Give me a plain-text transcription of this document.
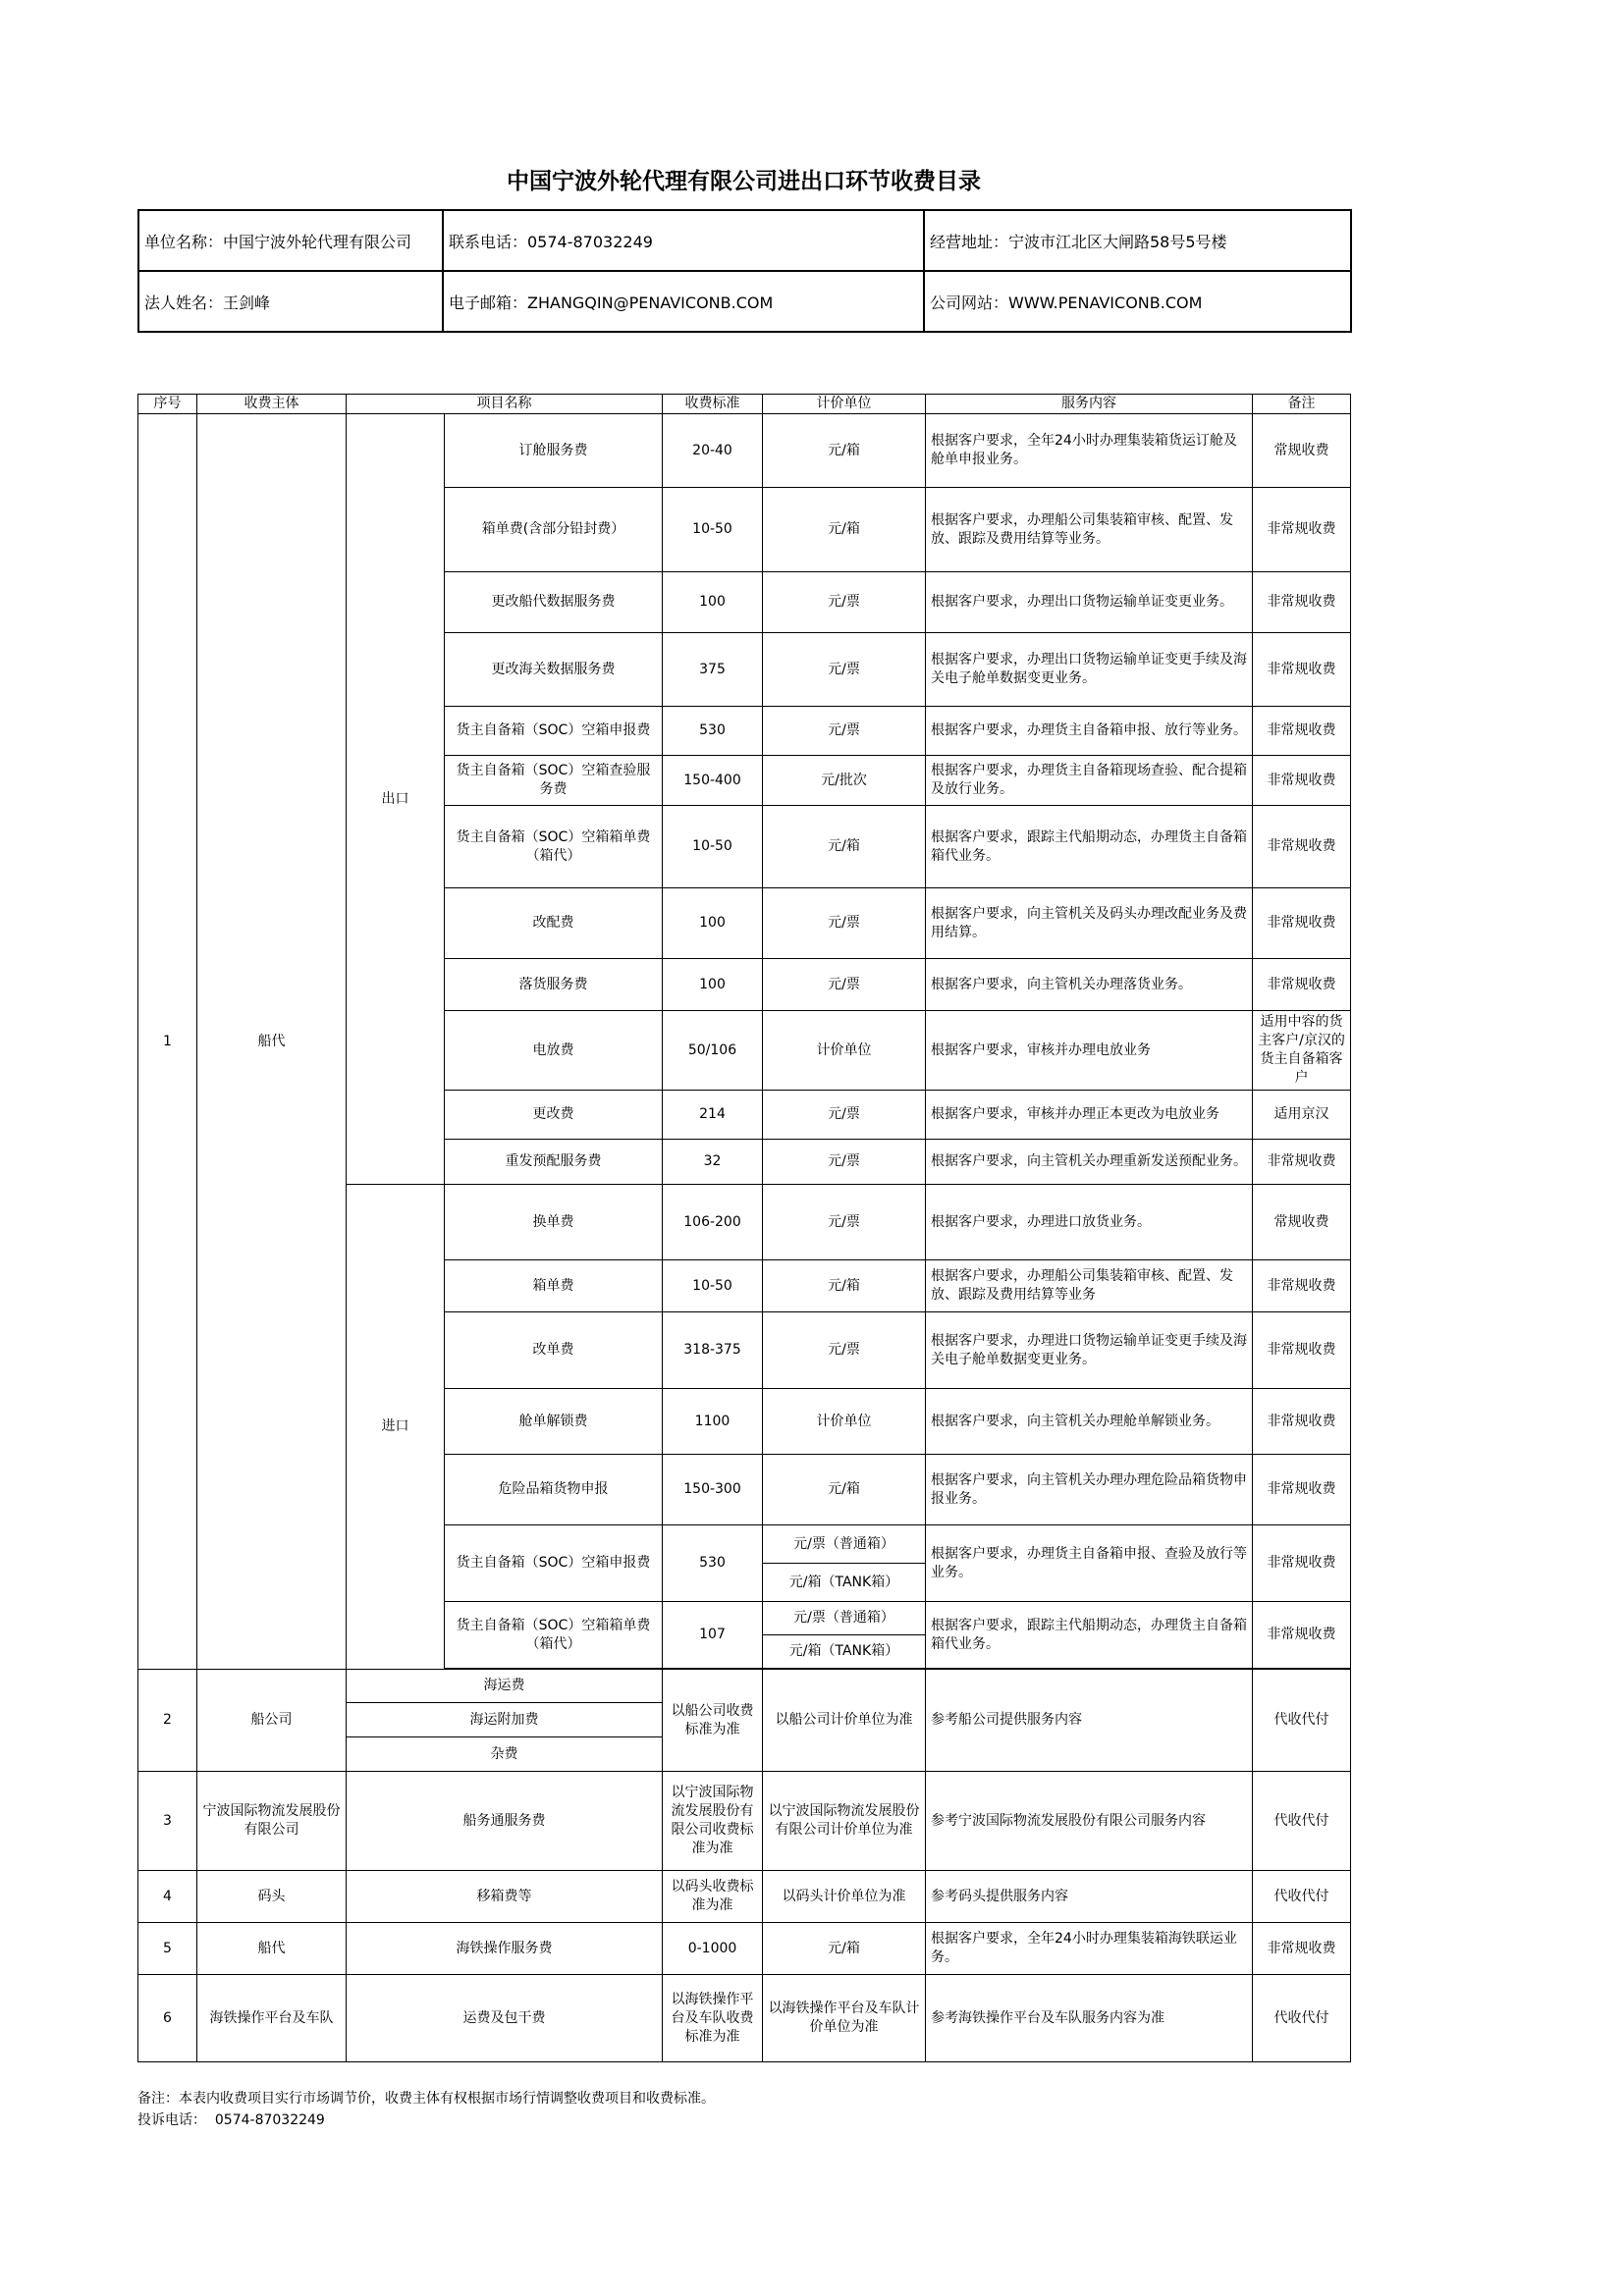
中国宁波外轮代理有限公司进出口环节收费目录
单位名称：中国宁波外轮代理有限公司	联系电话：0574-87032249	经营地址：宁波市江北区大闸路58号5号楼
法人姓名：王剑峰	电子邮箱：ZHANGQIN@PENAVICONB.COM	公司网站：WWW.PENAVICONB.COM
序号	收费主体	项目名称		收费标准	计价单位	服务内容	备注
1	船代	出口	订舱服务费	20-40	元/箱	根据客户要求，全年24小时办理集装箱货运订舱及舱单申报业务。	常规收费
			箱单费(含部分铅封费）	10-50	元/箱	根据客户要求，办理船公司集装箱审核、配置、发放、跟踪及费用结算等业务。	非常规收费
			更改船代数据服务费	100	元/票	根据客户要求，办理出口货物运输单证变更业务。	非常规收费
			更改海关数据服务费	375	元/票	根据客户要求，办理出口货物运输单证变更手续及海关电子舱单数据变更业务。	非常规收费
			货主自备箱（SOC）空箱申报费	530	元/票	根据客户要求，办理货主自备箱申报、放行等业务。	非常规收费
			货主自备箱（SOC）空箱查验服务费	150-400	元/批次	根据客户要求，办理货主自备箱现场查验、配合提箱及放行业务。	非常规收费
			货主自备箱（SOC）空箱箱单费（箱代）	10-50	元/箱	根据客户要求，跟踪主代船期动态，办理货主自备箱箱代业务。	非常规收费
			改配费	100	元/票	根据客户要求，向主管机关及码头办理改配业务及费用结算。	非常规收费
			落货服务费	100	元/票	根据客户要求，向主管机关办理落货业务。	非常规收费
			电放费	50/106	计价单位	根据客户要求，审核并办理电放业务	适用中容的货主客户/京汉的货主自备箱客户
			更改费	214	元/票	根据客户要求，审核并办理正本更改为电放业务	适用京汉
			重发预配服务费	32	元/票	根据客户要求，向主管机关办理重新发送预配业务。	非常规收费
		进口	换单费	106-200	元/票	根据客户要求，办理进口放货业务。	常规收费
			箱单费	10-50	元/箱	根据客户要求，办理船公司集装箱审核、配置、发放、跟踪及费用结算等业务	非常规收费
			改单费	318-375	元/票	根据客户要求，办理进口货物运输单证变更手续及海关电子舱单数据变更业务。	非常规收费
			舱单解锁费	1100	计价单位	根据客户要求，向主管机关办理舱单解锁业务。	非常规收费
			危险品箱货物申报	150-300	元/箱	根据客户要求，向主管机关办理办理危险品箱货物申报业务。	非常规收费
			货主自备箱（SOC）空箱申报费	530	元/票（普通箱）	根据客户要求，办理货主自备箱申报、查验及放行等业务。	非常规收费
					元/箱（TANK箱）		
			货主自备箱（SOC）空箱箱单费（箱代）	107	元/票（普通箱）	根据客户要求，跟踪主代船期动态，办理货主自备箱箱代业务。	非常规收费
					元/箱（TANK箱）		

2	船公司	海运费		以船公司收费标准为准	以船公司计价单位为准	参考船公司提供服务内容	代收代付
		海运附加费					
		杂费					
3	宁波国际物流发展股份有限公司	船务通服务费		以宁波国际物流发展股份有限公司收费标准为准	以宁波国际物流发展股份有限公司计价单位为准	参考宁波国际物流发展股份有限公司服务内容	代收代付
4	码头	移箱费等		以码头收费标准为准	以码头计价单位为准	参考码头提供服务内容	代收代付
5	船代	海铁操作服务费		0-1000	元/箱	根据客户要求，全年24小时办理集装箱海铁联运业务。	非常规收费
6	海铁操作平台及车队	运费及包干费		以海铁操作平台及车队收费标准为准	以海铁操作平台及车队计价单位为准	参考海铁操作平台及车队服务内容为准	代收代付
备注：本表内收费项目实行市场调节价，收费主体有权根据市场行情调整收费项目和收费标准。
投诉电话：  0574-87032249
